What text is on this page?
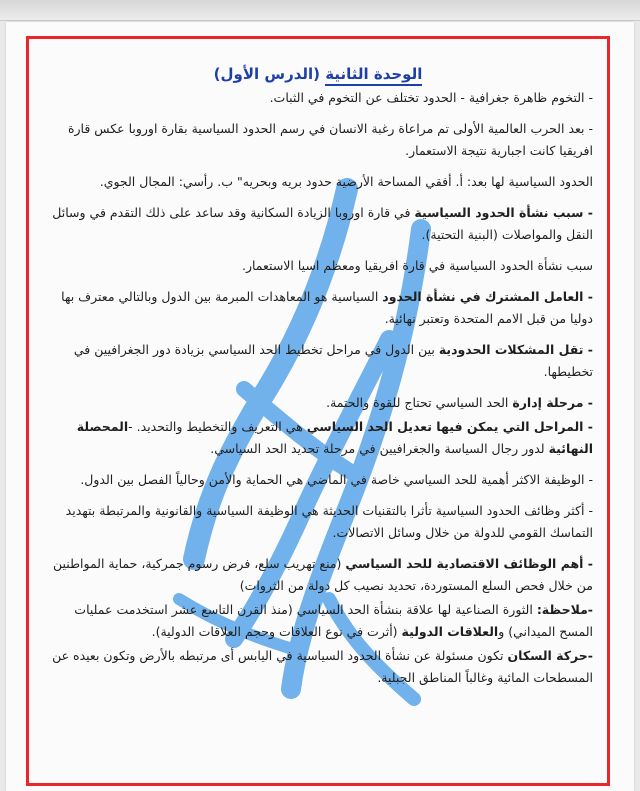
الوحدة الثانية (الدرس الأول)

- التخوم ظاهرة جغرافية - الحدود تختلف عن التخوم في الثبات.

- بعد الحرب العالمية الأولى تم مراعاة رغبة الانسان في رسم الحدود السياسية بقارة اوروبا عكس قارة افريقيا كانت اجبارية نتيجة الاستعمار.

الحدود السياسية لها بعد: أ. أفقي المساحة الأرضية حدود بريه وبحريه" ب. رأسي: المجال الجوي.

- سبب نشأة الحدود السياسية في قارة اوروبا الزيادة السكانية وقد ساعد على ذلك التقدم في وسائل النقل والمواصلات (البنية التحتية).

سبب نشأة الحدود السياسية في قارة افريقيا ومعظم اسيا الاستعمار.

- العامل المشترك في نشأة الحدود السياسية هو المعاهدات المبرمة بين الدول وبالتالي معترف بها دوليا من قبل الامم المتحدة وتعتبر نهائية.

- تقل المشكلات الحدودية بين الدول في مراحل تخطيط الحد السياسي بزيادة دور الجغرافيين في تخطيطها.

- مرحلة إدارة الحد السياسي تحتاج للقوة والحتمة.

- المراحل التي يمكن فيها تعديل الحد السياسي هي التعريف والتخطيط والتحديد. -المحصلة النهائية لدور رجال السياسة والجغرافيين في مرحلة تحديد الحد السياسي.

- الوظيفة الاكثر أهمية للحد السياسي خاصة في الماضي هي الحماية والأمن وحالياً الفصل بين الدول.

- أكثر وظائف الحدود السياسية تأثرا بالتقنيات الحديثة هي الوظيفة السياسية والقانونية والمرتبطة بتهديد التماسك القومي للدولة من خلال وسائل الاتصالات.

- أهم الوظائف الاقتصادية للحد السياسي (منع تهريب سلع، فرض رسوم جمركية، حماية المواطنين من خلال فحص السلع المستوردة، تحديد نصيب كل دولة من الثروات)

-ملاحظة: الثورة الصناعية لها علاقة بنشأة الحد السياسي (منذ القرن التاسع عشر استخدمت عمليات المسح الميداني) والعلاقات الدولية (أثرت في نوع العلاقات وحجم العلاقات الدولية).

-حركة السكان تكون مسئولة عن نشأة الحدود السياسية في اليابس أى مرتبطه بالأرض وتكون بعيده عن المسطحات المائية وغالباً المناطق الجبلية.
